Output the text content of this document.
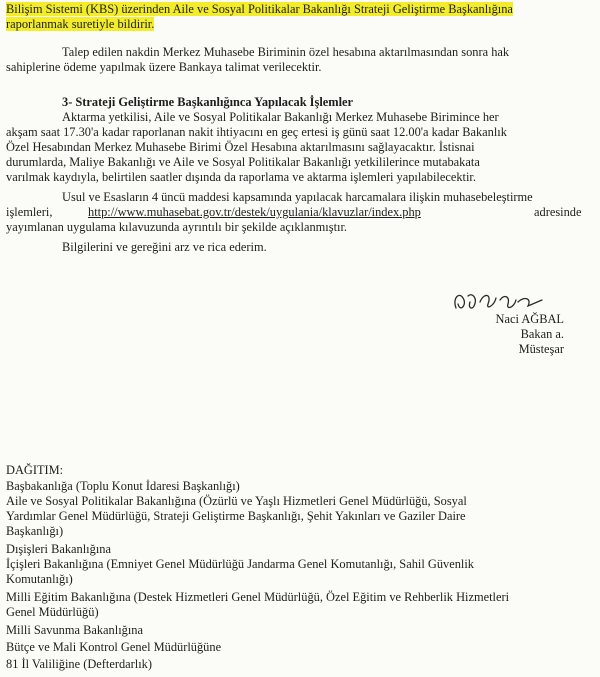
Bilişim Sistemi (KBS) üzerinden Aile ve Sosyal Politikalar Bakanlığı Strateji Geliştirme Başkanlığına
raporlanmak suretiyle bildirir.
Talep edilen nakdin Merkez Muhasebe Biriminin özel hesabına aktarılmasından sonra hak
sahiplerine ödeme yapılmak üzere Bankaya talimat verilecektir.
3- Strateji Geliştirme Başkanlığınca Yapılacak İşlemler
Aktarma yetkilisi, Aile ve Sosyal Politikalar Bakanlığı Merkez Muhasebe Birimince her
akşam saat 17.30'a kadar raporlanan nakit ihtiyacını en geç ertesi iş günü saat 12.00'a kadar Bakanlık
Özel Hesabından Merkez Muhasebe Birimi Özel Hesabına aktarılmasını sağlayacaktır. İstisnai
durumlarda, Maliye Bakanlığı ve Aile ve Sosyal Politikalar Bakanlığı yetkililerince mutabakata
varılmak kaydıyla, belirtilen saatler dışında da raporlama ve aktarma işlemleri yapılabilecektir.
Usul ve Esasların 4 üncü maddesi kapsamında yapılacak harcamalara ilişkin muhasebeleştirme
işlemleri,	http://www.muhasebat.gov.tr/destek/uygulania/klavuzlar/index.php	adresinde
yayımlanan uygulama kılavuzunda ayrıntılı bir şekilde açıklanmıştır.
Bilgilerini ve gereğini arz ve rica ederim.
Naci AĞBAL
Bakan a.
Müsteşar
DAĞITIM:
Başbakanlığa (Toplu Konut İdaresi Başkanlığı)
Aile ve Sosyal Politikalar Bakanlığına (Özürlü ve Yaşlı Hizmetleri Genel Müdürlüğü, Sosyal
Yardımlar Genel Müdürlüğü, Strateji Geliştirme Başkanlığı, Şehit Yakınları ve Gaziler Daire
Başkanlığı)
Dışişleri Bakanlığına
İçişleri Bakanlığına (Emniyet Genel Müdürlüğü Jandarma Genel Komutanlığı, Sahil Güvenlik
Komutanlığı)
Milli Eğitim Bakanlığına (Destek Hizmetleri Genel Müdürlüğü, Özel Eğitim ve Rehberlik Hizmetleri
Genel Müdürlüğü)
Milli Savunma Bakanlığına
Bütçe ve Mali Kontrol Genel Müdürlüğüne
81 İl Valiliğine (Defterdarlık)
